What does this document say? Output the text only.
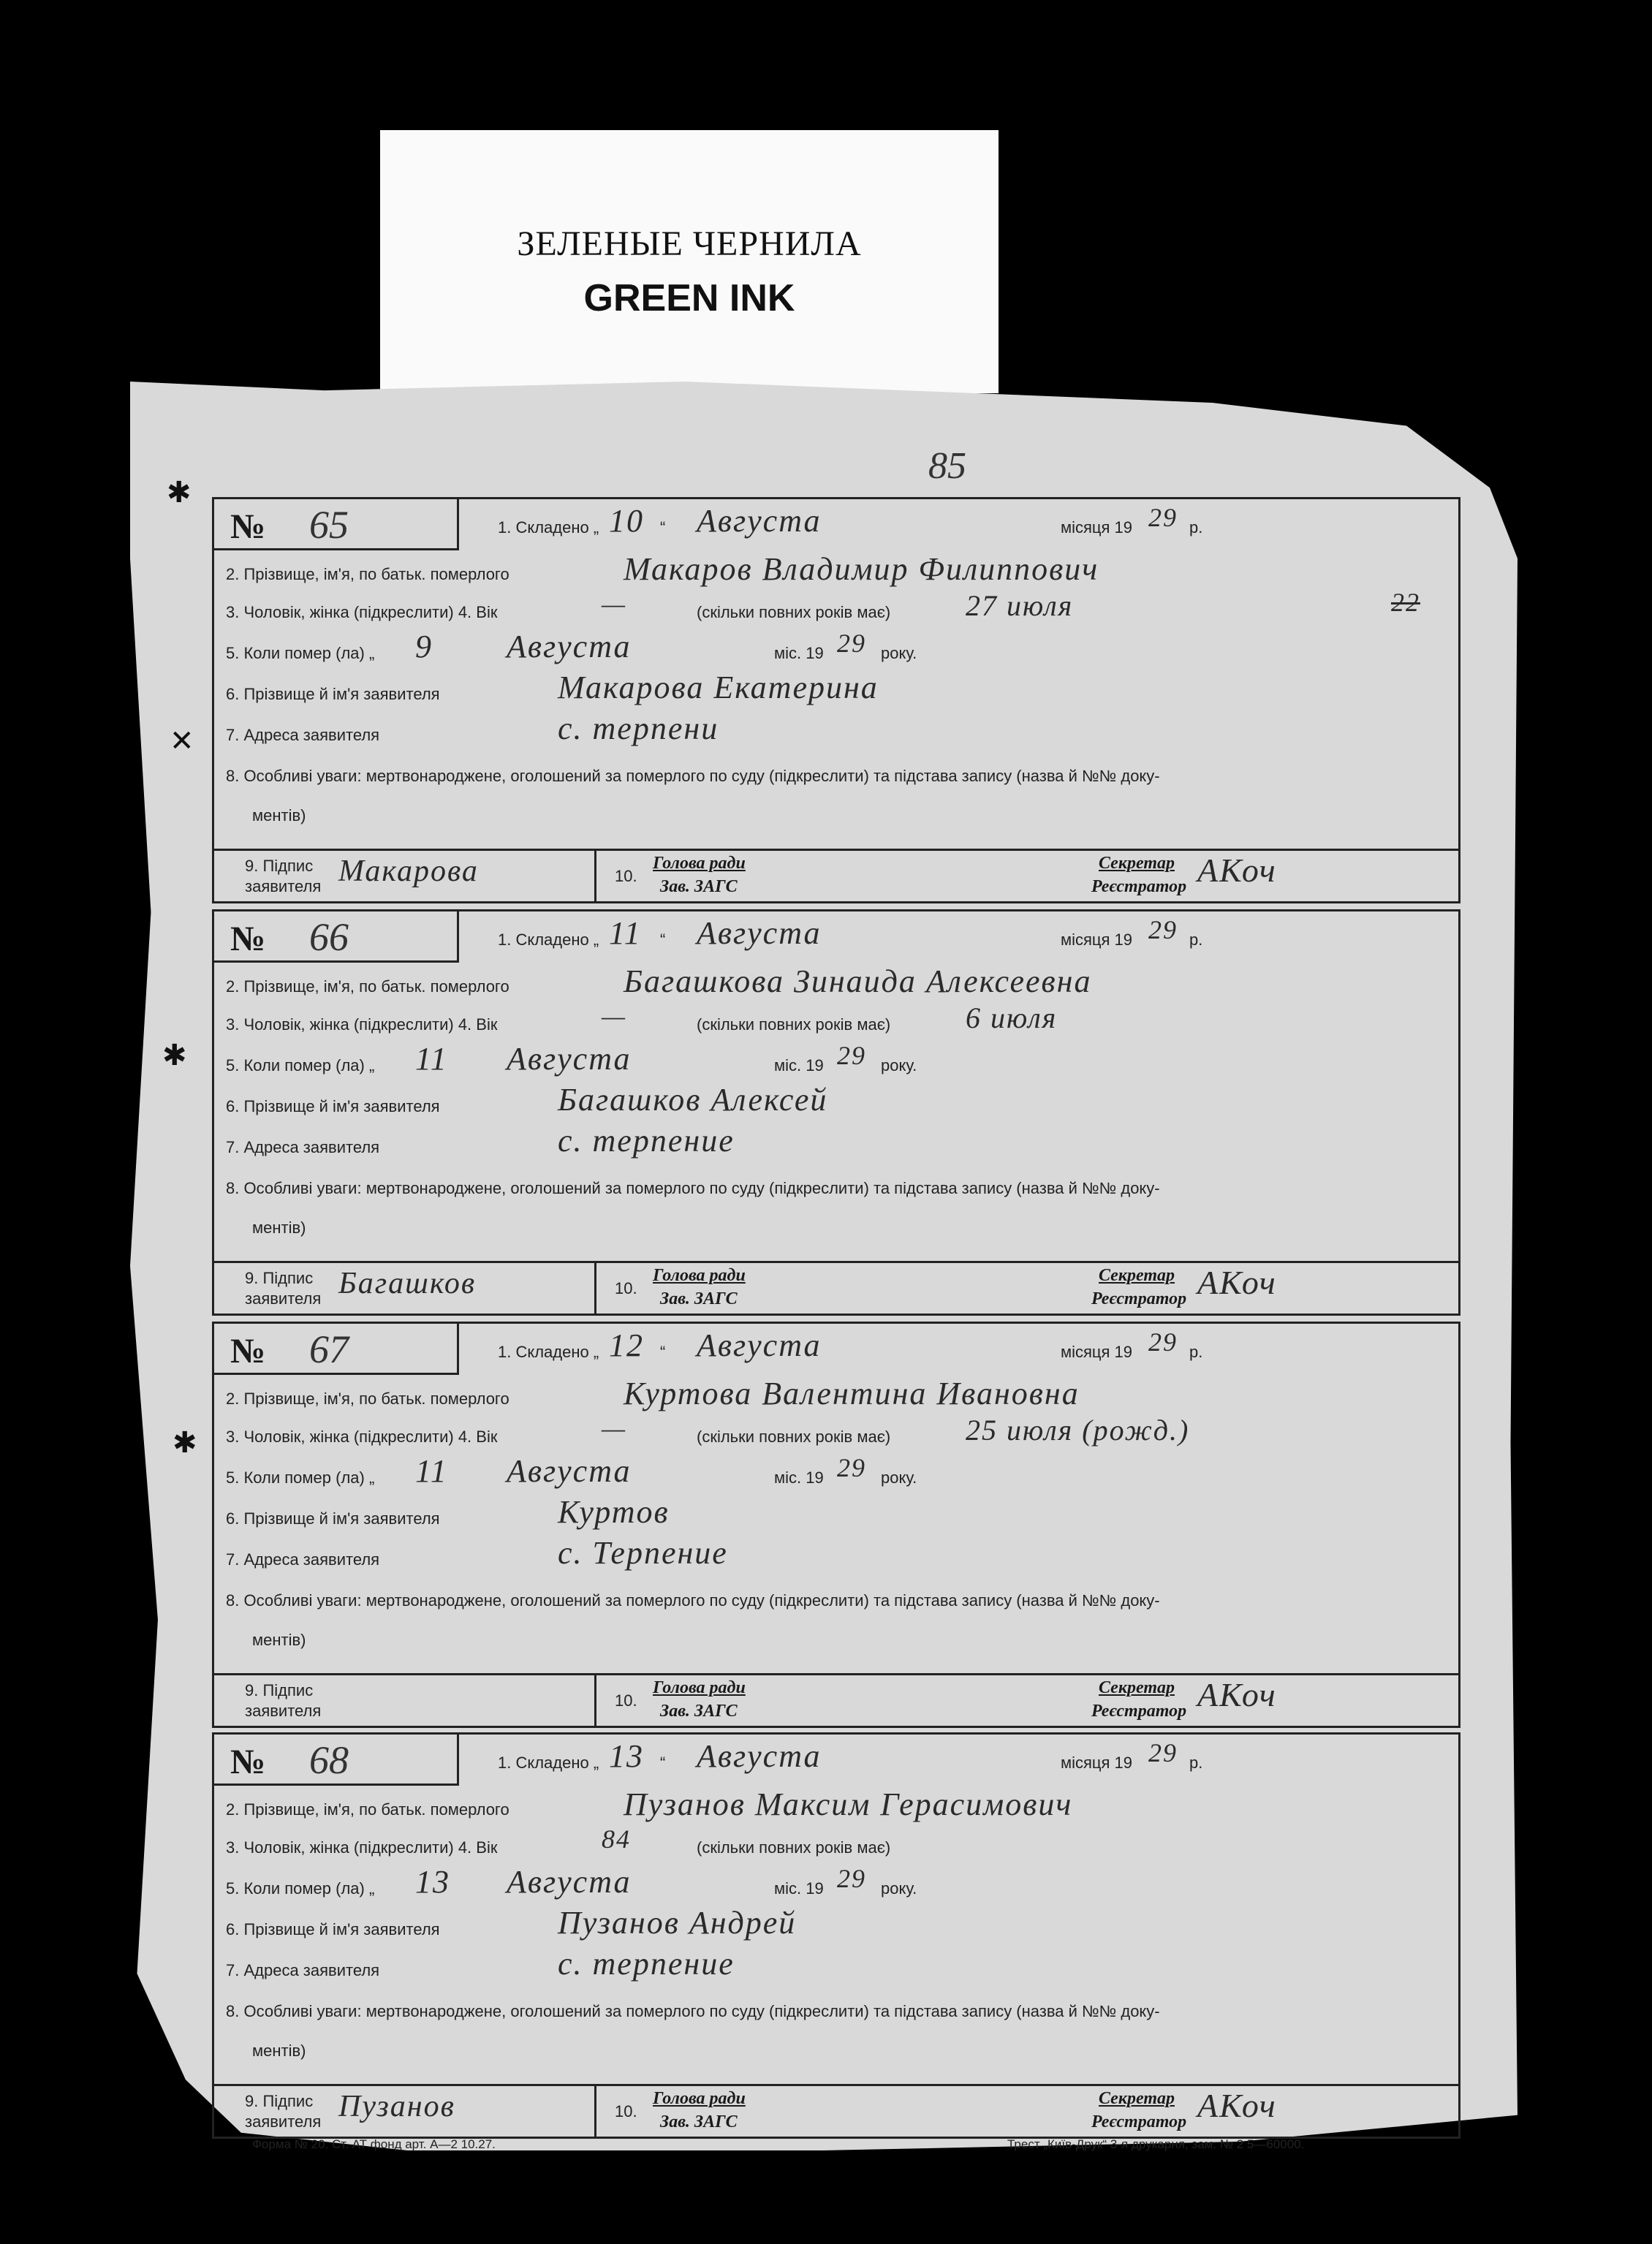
ЗЕЛЕНЫЕ ЧЕРНИЛА
GREEN INK
85
№ 65	1. Складено „ 10 “ Августа	місяця 19 29 р.
2. Прізвище, ім'я, по батьк. померлого	Макаров Владимир Филиппович
3. Чоловік, жінка (підкреслити) 4. Вік	—	(скільки повних років має)	27 июля	22
5. Коли помер (ла) „ 9 Августа	міс. 19 29 року.
6. Прізвище й ім'я заявителя	Макарова Екатерина
7. Адреса заявителя	с. терпени
8. Особливі уваги: мертвонароджене, оголошений за померлого по суду (підкреслити) та підстава запису (назва й №№ доку-
ментів)
9. Підпис
заявителя Макарова	10.
Голова ради
Зав. ЗАГС
Секретар
Реєстратор АКоч
№ 66	1. Складено „ 11 “ Августа	місяця 19 29 р.
2. Прізвище, ім'я, по батьк. померлого	Багашкова Зинаида Алексеевна
3. Чоловік, жінка (підкреслити) 4. Вік	—	(скільки повних років має)	6 июля
5. Коли помер (ла) „ 11 Августа	міс. 19 29 року.
6. Прізвище й ім'я заявителя	Багашков Алексей
7. Адреса заявителя	с. терпение
8. Особливі уваги: мертвонароджене, оголошений за померлого по суду (підкреслити) та підстава запису (назва й №№ доку-
ментів)
9. Підпис
заявителя Багашков	10.
Голова ради
Зав. ЗАГС
Секретар
Реєстратор АКоч
№ 67	1. Складено „ 12 “ Августа	місяця 19 29 р.
2. Прізвище, ім'я, по батьк. померлого	Куртова Валентина Ивановна
3. Чоловік, жінка (підкреслити) 4. Вік	—	(скільки повних років має)	25 июля (рожд.)
5. Коли помер (ла) „ 11 Августа	міс. 19 29 року.
6. Прізвище й ім'я заявителя	Куртов
7. Адреса заявителя	с. Терпение
8. Особливі уваги: мертвонароджене, оголошений за померлого по суду (підкреслити) та підстава запису (назва й №№ доку-
ментів)
9. Підпис
заявителя
10.
Голова ради
Зав. ЗАГС
Секретар
Реєстратор АКоч
№ 68	1. Складено „ 13 “ Августа	місяця 19 29 р.
2. Прізвище, ім'я, по батьк. померлого	Пузанов Максим Герасимович
3. Чоловік, жінка (підкреслити) 4. Вік	84	(скільки повних років має)
5. Коли помер (ла) „ 13 Августа	міс. 19 29 року.
6. Прізвище й ім'я заявителя	Пузанов Андрей
7. Адреса заявителя	с. терпение
8. Особливі уваги: мертвонароджене, оголошений за померлого по суду (підкреслити) та підстава запису (назва й №№ доку-
ментів)
9. Підпис
заявителя Пузанов	10.
Голова ради
Зав. ЗАГС
Секретар
Реєстратор АКоч
Форма № 20. Ст. АТ фонд арт. А—2 10.27.	Трест „Київ-Друк“ 3-я друкарня, зам. № 2 5—60000.
✱
✕
✱
✱
